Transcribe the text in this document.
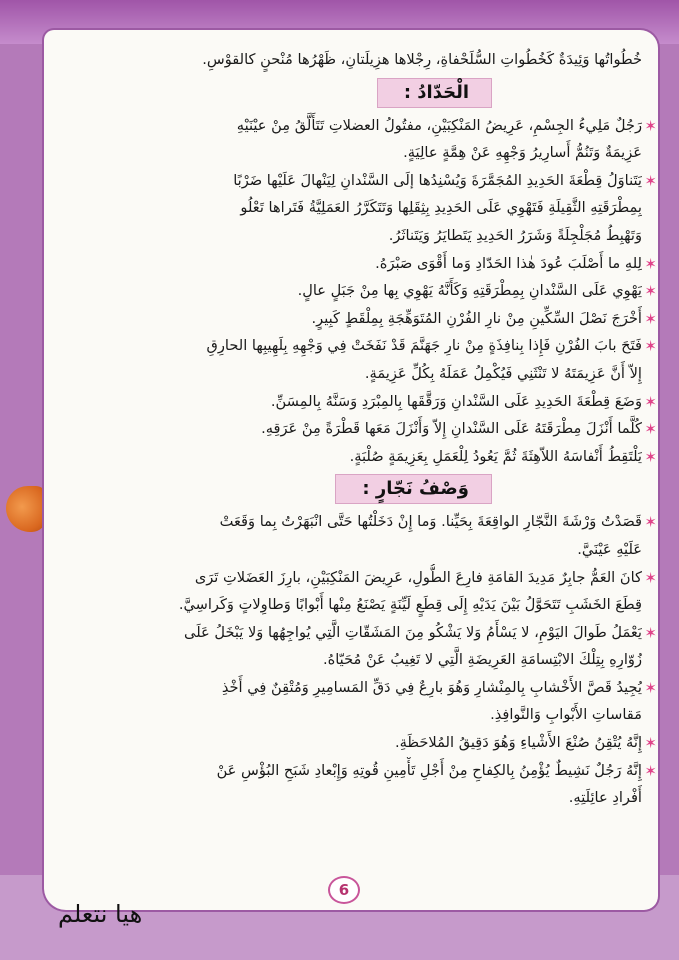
خُطُواتُها وَئِيدَةٌ كَخُطُواتِ السُّلَحْفاةِ، رِجْلاها هزِيلَتانِ، ظَهْرُها مُنْحنٍ كالقوْسِ.
الْحَدّادُ :
✶
رَجُلٌ مَلِيءُ الجِسْمِ، عَرِيضُ المَنْكِبَيْنِ، مفتُولُ العضلاتِ تَتَأَلَّقُ مِنْ عيْنَيْهِ
عَزِيمَةٌ وَتَنُمُّ أَسارِيرُ وَجْهِهِ عَنْ هِمَّةٍ عالِيَةٍ.
✶
يَتَناوَلُ قِطْعَةَ الحَدِيدِ المُجَمَّرَةَ وَيُسْنِدُها إلَى السَّنْدانِ لِيَنْهالَ عَلَيْها ضَرْبًا
بِمِطْرَقَتِهِ الثَّقِيلَةِ فَتَهْوِي عَلَى الحَدِيدِ بِثِقَلِها وَتَتَكَرَّرُ العَمَلِيَّةُ فَتَراها تَعْلُو
وَتَهْبِطُ مُجَلْجِلَةً وَشَرَرُ الحَدِيدِ يَتَطايَرُ وَيَتَناثَرُ.
✶
لِلهِ ما أَصْلَبَ عُودَ هٰذا الحَدّادِ وَما أَقْوَى صَبْرَهُ.
✶
يَهْوِي عَلَى السَّنْدانِ بِمِطْرَقَتِهِ وَكَأَنَّهُ يَهْوِي بِها مِنْ جَبَلٍ عالٍ.
✶
أَخْرَجَ نَصْلَ السِّكِّينِ مِنْ نارِ الفُرْنِ المُتَوَهِّجَةِ بِمِلْقَطٍ كَبِيرٍ.
✶
فَتَحَ بابَ الفُرْنِ فَإِذا بِنافِذَةٍ مِنْ نارِ جَهَنَّمَ قَدْ نَفَخَتْ فِي وَجْهِهِ بِلَهِيبِها الحارِقِ
إِلاّ أَنَّ عَزِيمَتَهُ لا تَنْثَنِي فَيُكْمِلُ عَمَلَهُ بِكُلِّ عَزِيمَةٍ.
✶
وَضَعَ قِطْعَةَ الحَدِيدِ عَلَى السَّنْدانِ وَرَقَّقَها بِالمِبْرَدِ وَسَنَّهُ بِالمِسَنِّ.
✶
كُلَّما أَنْزَلَ مِطْرَقَتَهُ عَلَى السَّنْدانِ إِلاّ وَأَنْزَلَ مَعَها قَطْرَةً مِنْ عَرَقِهِ.
✶
يَلْتَقِطُ أَنْفاسَهُ اللاّهِثَةَ ثُمَّ يَعُودُ لِلْعَمَلِ بِعَزِيمَةٍ صُلْبَةٍ.
وَصْفُ نَجّارٍ :
✶
قَصَدْتُ وَرْشَةَ النَّجّارِ الواقِعَةَ بِحَيِّنا. وَما إِنْ دَخَلْتُها حَتَّى انْبَهَرْتُ بِما وَقَعَتْ
عَلَيْهِ عَيْنَيَّ.
✶
كانَ العَمُّ جابِرٌ مَدِيدَ القامَةِ فارِعَ الطُّولِ، عَرِيضَ المَنْكِبَيْنِ، بارِزَ العَضَلاتِ تَرَى
قِطَعَ الخَشَبِ تَتَحَوَّلُ بَيْنَ يَدَيْهِ إِلَى قِطَعٍ لَيِّنَةٍ يَصْنَعُ مِنْها أَبْوابًا وَطاوِلاتٍ وَكَراسِيَّ.
✶
يَعْمَلُ طَوالَ اليَوْمِ، لا يَسْأَمُ وَلا يَشْكُو مِنَ المَشَقّاتِ الَّتِي يُواجِهُها وَلا يَبْخَلُ عَلَى
زُوّارِهِ بِتِلْكَ الابْتِسامَةِ العَرِيضَةِ الَّتِي لا تَغِيبُ عَنْ مُحَيّاهُ.
✶
يُجِيدُ قَصَّ الأَخْشابِ بِالمِنْشارِ وَهُوَ بارِعٌ فِي دَقِّ المَسامِيرِ وَمُتْقِنٌ فِي أَخْذِ
مَقاساتِ الأَبْوابِ وَالنَّوافِذِ.
✶
إِنَّهُ يُتْقِنُ صُنْعَ الأَشْياءِ وَهُوَ دَقِيقُ المُلاحَظَةِ.
✶
إِنَّهُ رَجُلٌ نَشِيطٌ يُؤْمِنُ بِالكِفاحِ مِنْ أَجْلِ تَأْمِينِ قُوتِهِ وَإِبْعادِ شَبَحِ البُؤْسِ عَنْ
أَفْرادِ عائِلَتِهِ.
6
هيا نتعلم
